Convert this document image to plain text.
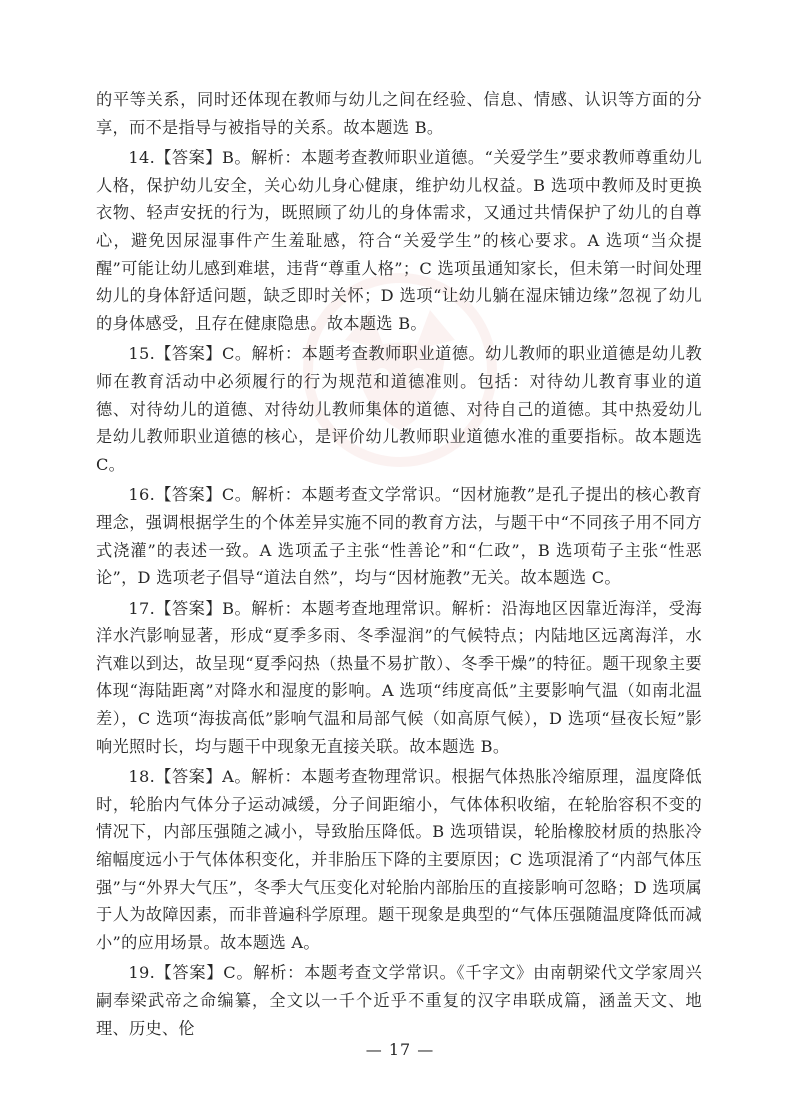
的平等关系，同时还体现在教师与幼儿之间在经验、信息、情感、认识等方面的分享，而不是指导与被指导的关系。故本题选 B。

14.【答案】B。解析：本题考查教师职业道德。“关爱学生”要求教师尊重幼儿人格，保护幼儿安全，关心幼儿身心健康，维护幼儿权益。B 选项中教师及时更换衣物、轻声安抚的行为，既照顾了幼儿的身体需求，又通过共情保护了幼儿的自尊心，避免因尿湿事件产生羞耻感，符合“关爱学生”的核心要求。A 选项“当众提醒”可能让幼儿感到难堪，违背“尊重人格”；C 选项虽通知家长，但未第一时间处理幼儿的身体舒适问题，缺乏即时关怀；D 选项“让幼儿躺在湿床铺边缘”忽视了幼儿的身体感受，且存在健康隐患。故本题选 B。

15.【答案】C。解析：本题考查教师职业道德。幼儿教师的职业道德是幼儿教师在教育活动中必须履行的行为规范和道德准则。包括：对待幼儿教育事业的道德、对待幼儿的道德、对待幼儿教师集体的道德、对待自己的道德。其中热爱幼儿是幼儿教师职业道德的核心，是评价幼儿教师职业道德水准的重要指标。故本题选 C。

16.【答案】C。解析：本题考查文学常识。“因材施教”是孔子提出的核心教育理念，强调根据学生的个体差异实施不同的教育方法，与题干中“不同孩子用不同方式浇灌”的表述一致。A 选项孟子主张“性善论”和“仁政”，B 选项荀子主张“性恶论”，D 选项老子倡导“道法自然”，均与“因材施教”无关。故本题选 C。

17.【答案】B。解析：本题考查地理常识。解析：沿海地区因靠近海洋，受海洋水汽影响显著，形成“夏季多雨、冬季湿润”的气候特点；内陆地区远离海洋，水汽难以到达，故呈现“夏季闷热（热量不易扩散）、冬季干燥”的特征。题干现象主要体现“海陆距离”对降水和湿度的影响。A 选项“纬度高低”主要影响气温（如南北温差），C 选项“海拔高低”影响气温和局部气候（如高原气候），D 选项“昼夜长短”影响光照时长，均与题干中现象无直接关联。故本题选 B。

18.【答案】A。解析：本题考查物理常识。根据气体热胀冷缩原理，温度降低时，轮胎内气体分子运动减缓，分子间距缩小，气体体积收缩，在轮胎容积不变的情况下，内部压强随之减小，导致胎压降低。B 选项错误，轮胎橡胶材质的热胀冷缩幅度远小于气体体积变化，并非胎压下降的主要原因；C 选项混淆了“内部气体压强”与“外界大气压”，冬季大气压变化对轮胎内部胎压的直接影响可忽略；D 选项属于人为故障因素，而非普遍科学原理。题干现象是典型的“气体压强随温度降低而减小”的应用场景。故本题选 A。

19.【答案】C。解析：本题考查文学常识。《千字文》由南朝梁代文学家周兴嗣奉梁武帝之命编纂，全文以一千个近乎不重复的汉字串联成篇，涵盖天文、地理、历史、伦

— 17 —
